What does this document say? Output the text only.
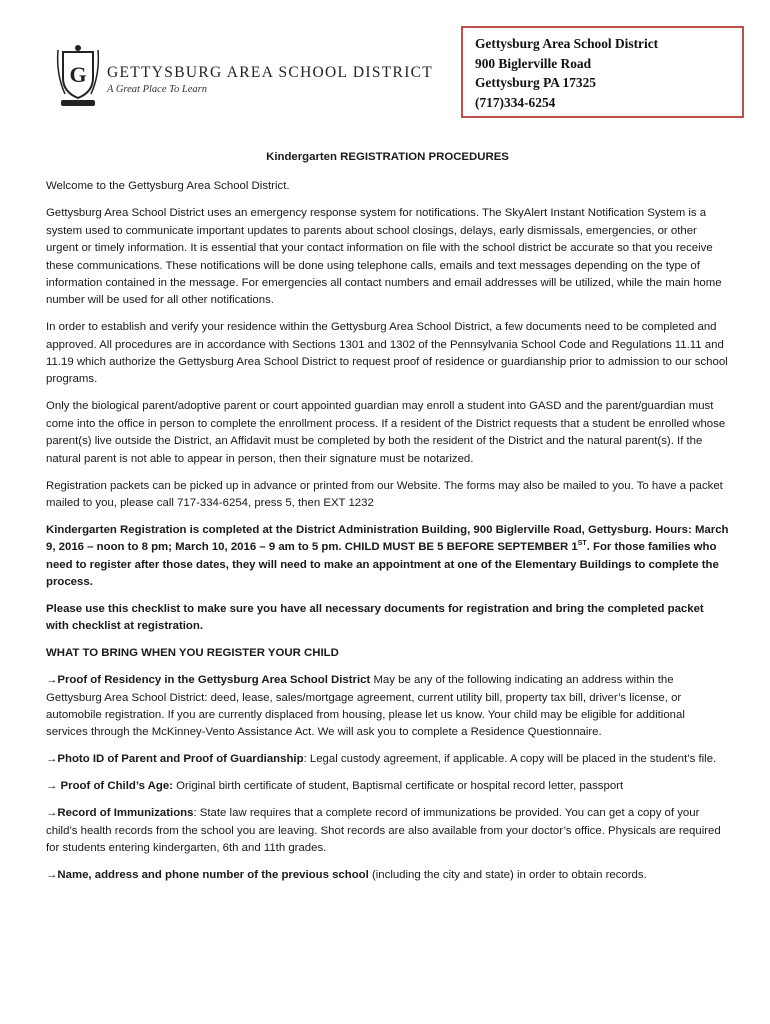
G GETTYSBURG AREA SCHOOL DISTRICT
A Great Place To Learn
Gettysburg Area School District
900 Biglerville Road
Gettysburg PA 17325
(717)334-6254
Kindergarten REGISTRATION PROCEDURES

Welcome to the Gettysburg Area School District.

Gettysburg Area School District uses an emergency response system for notifications. The SkyAlert Instant Notification System is a system used to communicate important updates to parents about school closings, delays, early dismissals, emergencies, or other urgent or timely information. It is essential that your contact information on file with the school district be accurate so that you receive these communications. These notifications will be done using telephone calls, emails and text messages depending on the type of information contained in the message. For emergencies all contact numbers and email addresses will be utilized, while the main home number will be used for all other notifications.

In order to establish and verify your residence within the Gettysburg Area School District, a few documents need to be completed and approved. All procedures are in accordance with Sections 1301 and 1302 of the Pennsylvania School Code and Regulations 11.11 and 11.19 which authorize the Gettysburg Area School District to request proof of residence or guardianship prior to admission to our school programs.

Only the biological parent/adoptive parent or court appointed guardian may enroll a student into GASD and the parent/guardian must come into the office in person to complete the enrollment process. If a resident of the District requests that a student be enrolled whose parent(s) live outside the District, an Affidavit must be completed by both the resident of the District and the natural parent(s). If the natural parent is not able to appear in person, then their signature must be notarized.

Registration packets can be picked up in advance or printed from our Website. The forms may also be mailed to you. To have a packet mailed to you, please call 717-334-6254, press 5, then EXT 1232

Kindergarten Registration is completed at the District Administration Building, 900 Biglerville Road, Gettysburg. Hours: March 9, 2016 – noon to 8 pm; March 10, 2016 – 9 am to 5 pm. CHILD MUST BE 5 BEFORE SEPTEMBER 1ST. For those families who need to register after those dates, they will need to make an appointment at one of the Elementary Buildings to complete the process.

Please use this checklist to make sure you have all necessary documents for registration and bring the completed packet with checklist at registration.

WHAT TO BRING WHEN YOU REGISTER YOUR CHILD

→Proof of Residency in the Gettysburg Area School District May be any of the following indicating an address within the Gettysburg Area School District: deed, lease, sales/mortgage agreement, current utility bill, property tax bill, driver’s license, or automobile registration. If you are currently displaced from housing, please let us know. Your child may be eligible for additional services through the McKinney-Vento Assistance Act. We will ask you to complete a Residence Questionnaire.

→Photo ID of Parent and Proof of Guardianship: Legal custody agreement, if applicable. A copy will be placed in the student’s file.

→ Proof of Child’s Age: Original birth certificate of student, Baptismal certificate or hospital record letter, passport

→Record of Immunizations: State law requires that a complete record of immunizations be provided. You can get a copy of your child’s health records from the school you are leaving. Shot records are also available from your doctor’s office. Physicals are required for students entering kindergarten, 6th and 11th grades.

→Name, address and phone number of the previous school (including the city and state) in order to obtain records.
